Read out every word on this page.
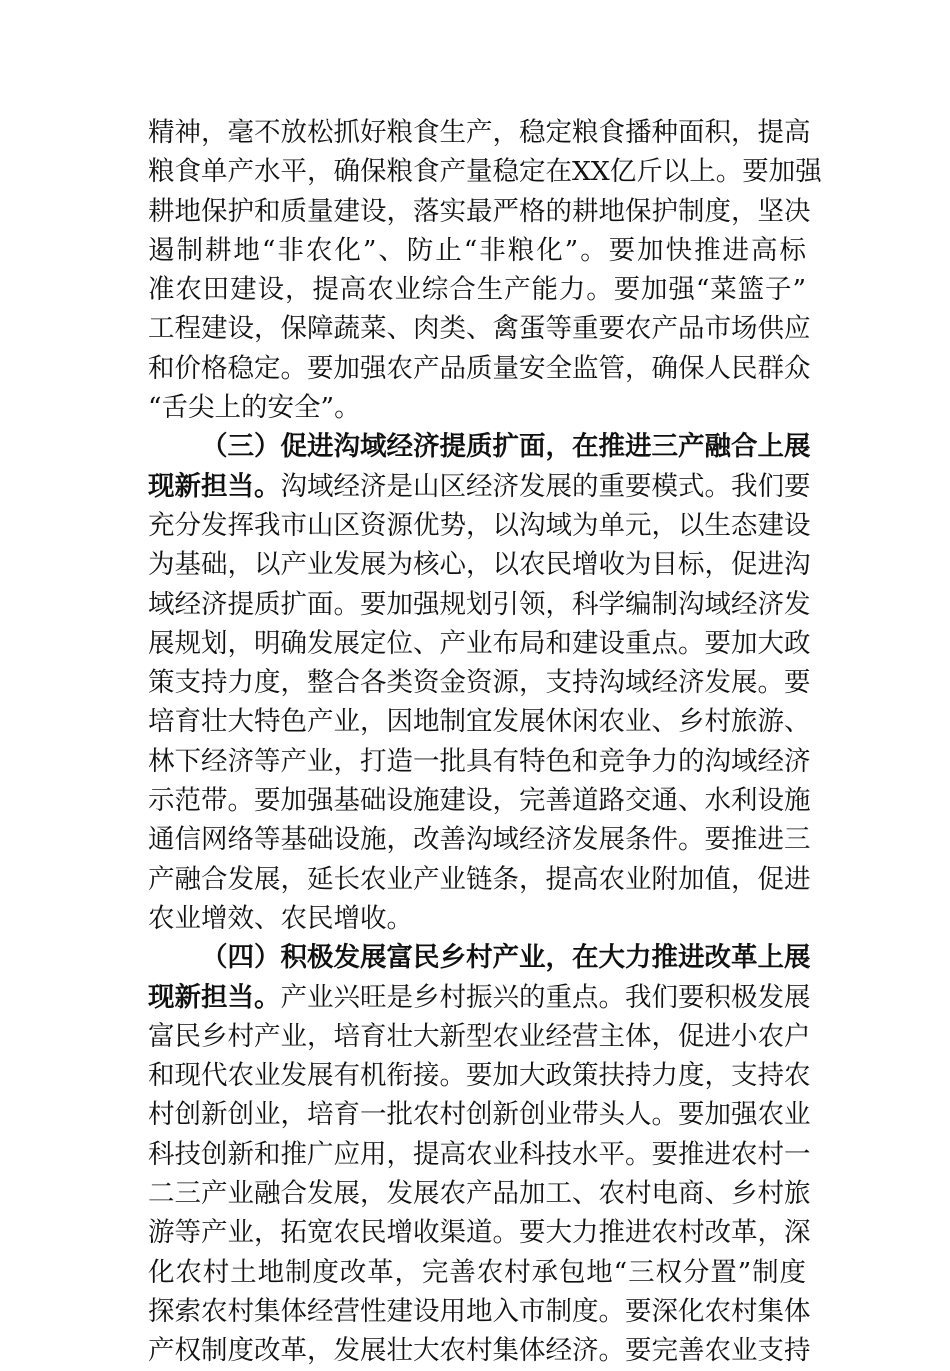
精神，毫不放松抓好粮食生产，稳定粮食播种面积，提高
粮食单产水平，确保粮食产量稳定在XX亿斤以上。要加强
耕地保护和质量建设，落实最严格的耕地保护制度，坚决
遏制耕地“非农化”、防止“非粮化”。要加快推进高标
准农田建设，提高农业综合生产能力。要加强“菜篮子”
工程建设，保障蔬菜、肉类、禽蛋等重要农产品市场供应
和价格稳定。要加强农产品质量安全监管，确保人民群众
“舌尖上的安全”。
（三）促进沟域经济提质扩面，在推进三产融合上展
现新担当。沟域经济是山区经济发展的重要模式。我们要
充分发挥我市山区资源优势，以沟域为单元，以生态建设
为基础，以产业发展为核心，以农民增收为目标，促进沟
域经济提质扩面。要加强规划引领，科学编制沟域经济发
展规划，明确发展定位、产业布局和建设重点。要加大政
策支持力度，整合各类资金资源，支持沟域经济发展。要
培育壮大特色产业，因地制宜发展休闲农业、乡村旅游、
林下经济等产业，打造一批具有特色和竞争力的沟域经济
示范带。要加强基础设施建设，完善道路交通、水利设施
通信网络等基础设施，改善沟域经济发展条件。要推进三
产融合发展，延长农业产业链条，提高农业附加值，促进
农业增效、农民增收。
（四）积极发展富民乡村产业，在大力推进改革上展
现新担当。产业兴旺是乡村振兴的重点。我们要积极发展
富民乡村产业，培育壮大新型农业经营主体，促进小农户
和现代农业发展有机衔接。要加大政策扶持力度，支持农
村创新创业，培育一批农村创新创业带头人。要加强农业
科技创新和推广应用，提高农业科技水平。要推进农村一
二三产业融合发展，发展农产品加工、农村电商、乡村旅
游等产业，拓宽农民增收渠道。要大力推进农村改革，深
化农村土地制度改革，完善农村承包地“三权分置”制度
探索农村集体经营性建设用地入市制度。要深化农村集体
产权制度改革，发展壮大农村集体经济。要完善农业支持
